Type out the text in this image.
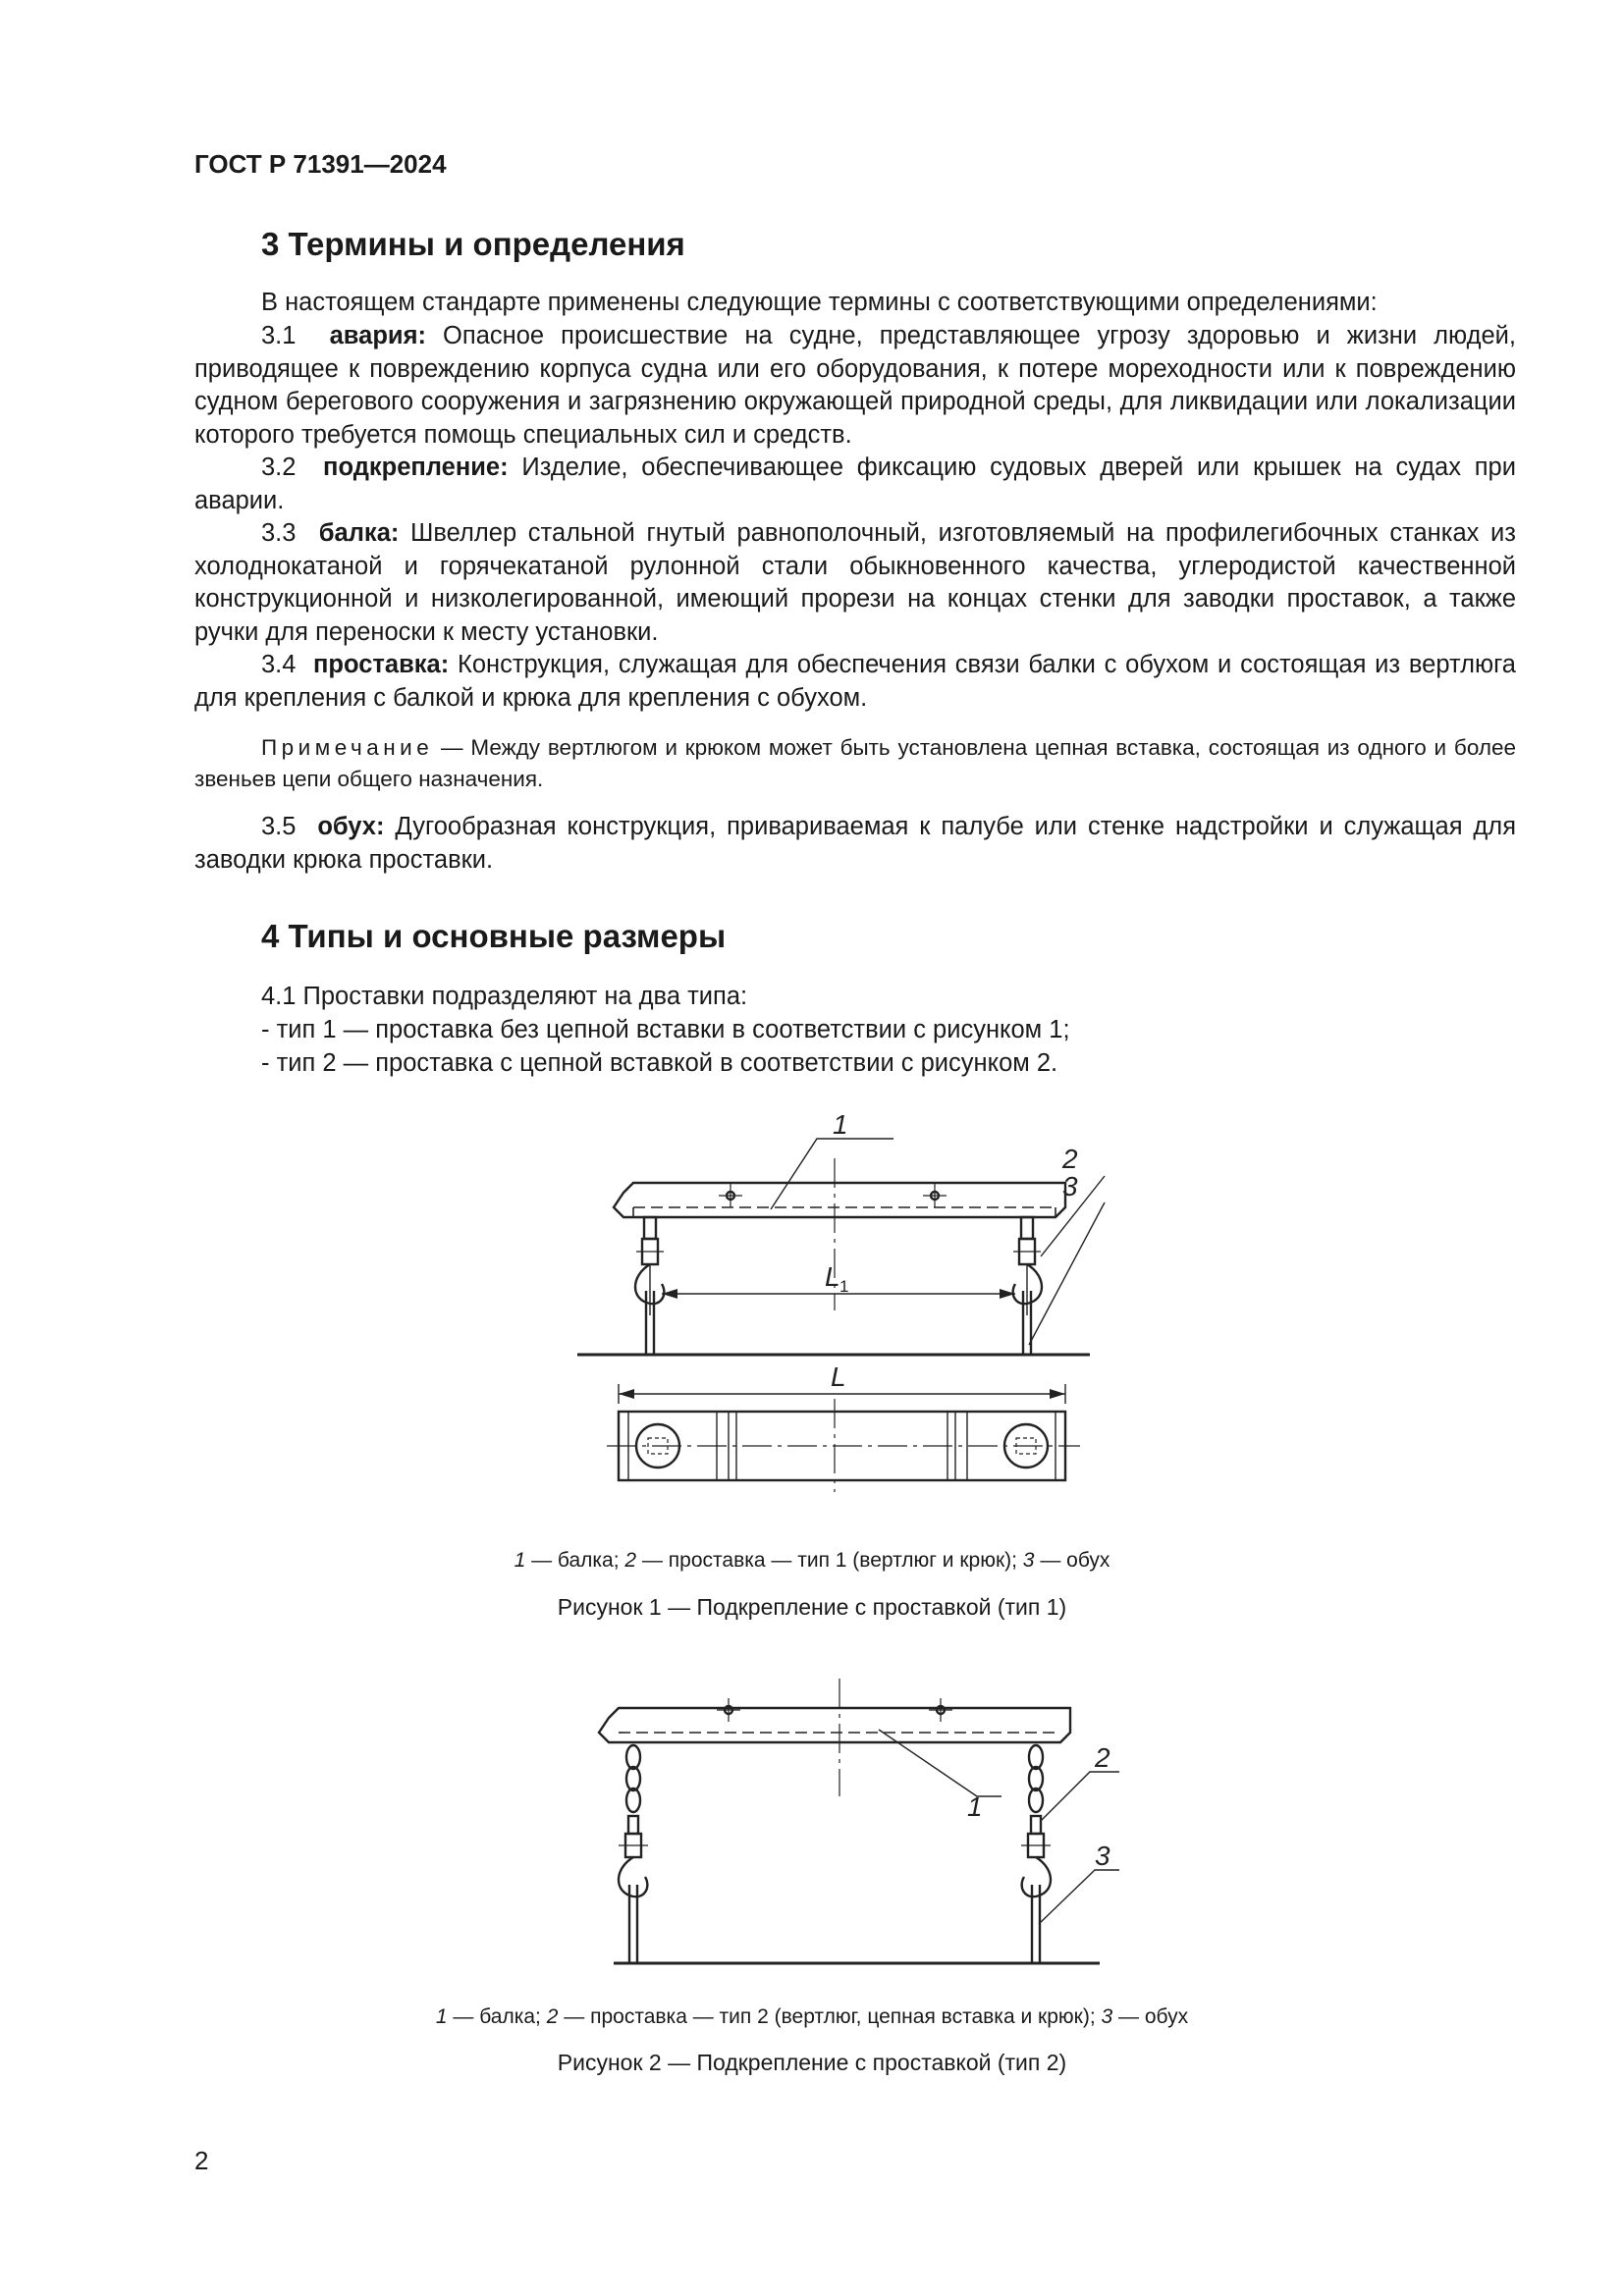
ГОСТ Р 71391—2024
3 Термины и определения
В настоящем стандарте применены следующие термины с соответствующими определениями:
3.1 авария: Опасное происшествие на судне, представляющее угрозу здоровью и жизни людей, приводящее к повреждению корпуса судна или его оборудования, к потере мореходности или к повреждению судном берегового сооружения и загрязнению окружающей природной среды, для ликвидации или локализации которого требуется помощь специальных сил и средств.
3.2 подкрепление: Изделие, обеспечивающее фиксацию судовых дверей или крышек на судах при аварии.
3.3 балка: Швеллер стальной гнутый равнополочный, изготовляемый на профилегибочных станках из холоднокатаной и горячекатаной рулонной стали обыкновенного качества, углеродистой качественной конструкционной и низколегированной, имеющий прорези на концах стенки для заводки проставок, а также ручки для переноски к месту установки.
3.4 проставка: Конструкция, служащая для обеспечения связи балки с обухом и состоящая из вертлюга для крепления с балкой и крюка для крепления с обухом.
Примечание — Между вертлюгом и крюком может быть установлена цепная вставка, состоящая из одного и более звеньев цепи общего назначения.
3.5 обух: Дугообразная конструкция, привариваемая к палубе или стенке надстройки и служащая для заводки крюка проставки.
4 Типы и основные размеры
4.1 Проставки подразделяют на два типа:
- тип 1 — проставка без цепной вставки в соответствии с рисунком 1;
- тип 2 — проставка с цепной вставкой в соответствии с рисунком 2.
1
2
3
L 1
L
1 — балка; 2 — проставка — тип 1 (вертлюг и крюк); 3 — обух
Рисунок 1 — Подкрепление с проставкой (тип 1)
1
2
3
1 — балка; 2 — проставка — тип 2 (вертлюг, цепная вставка и крюк); 3 — обух
Рисунок 2 — Подкрепление с проставкой (тип 2)
2
